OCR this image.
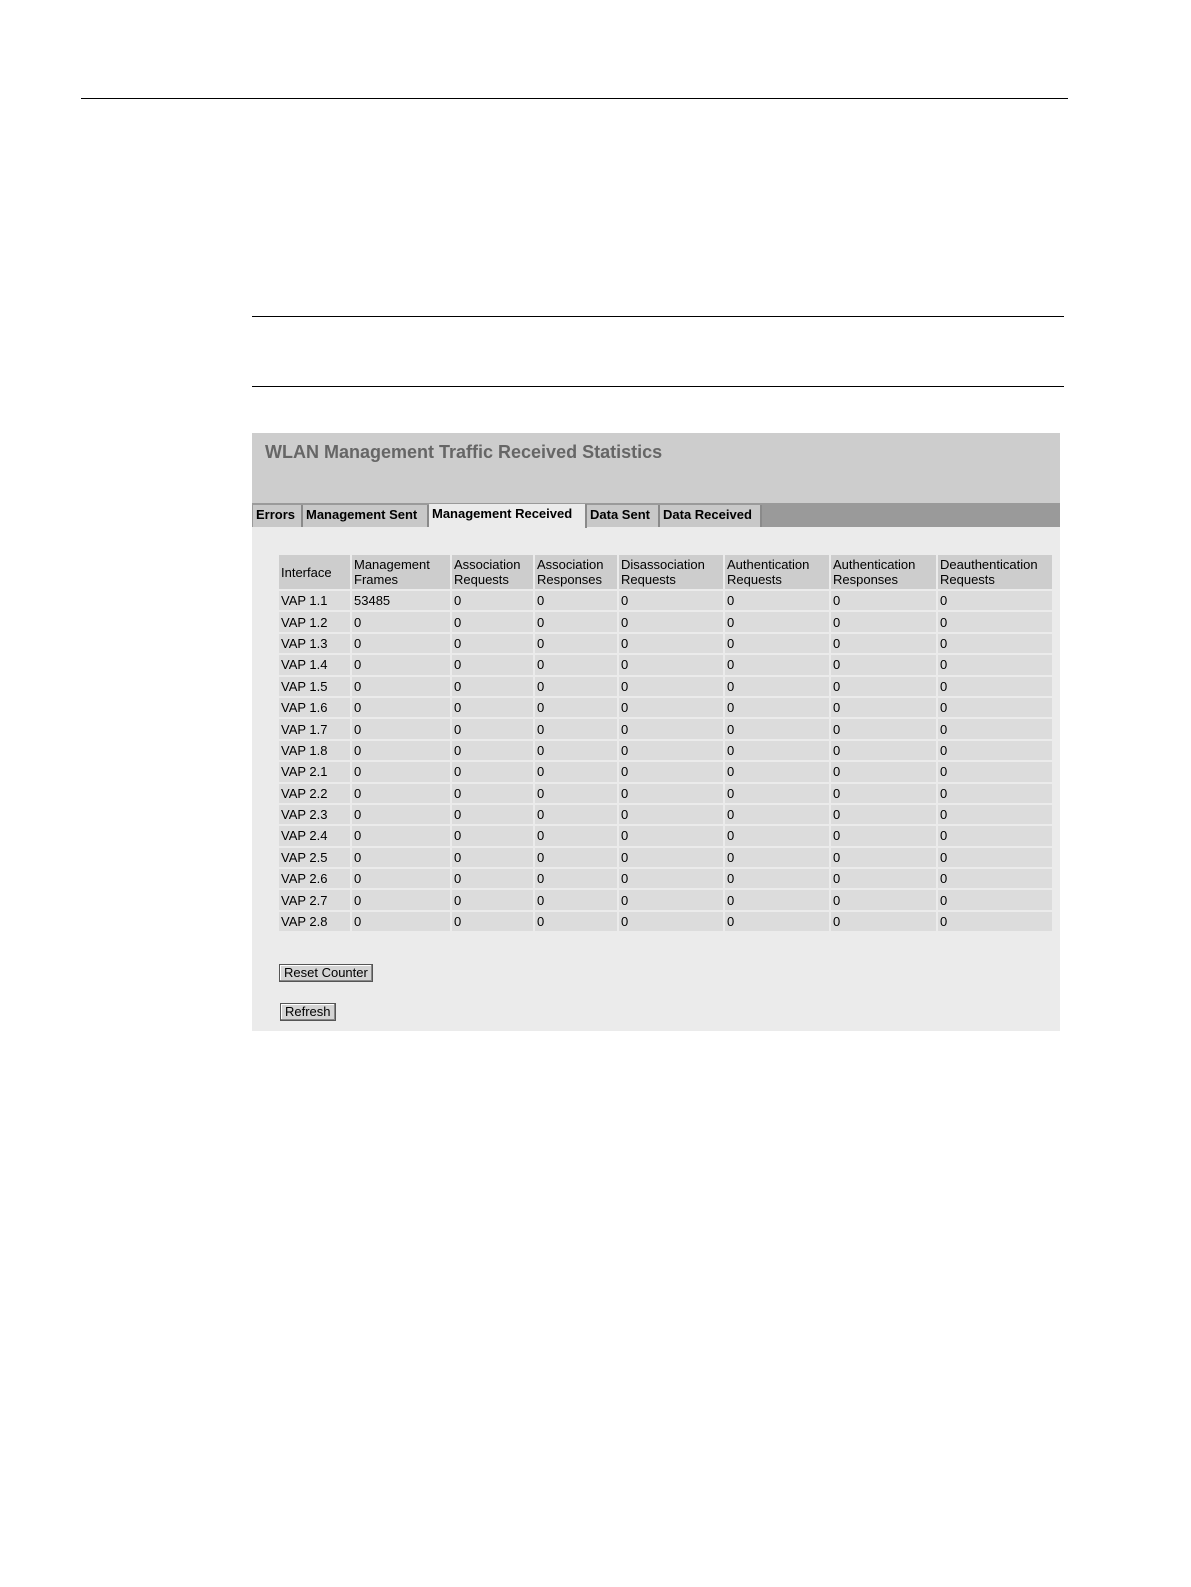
WLAN Management Traffic Received Statistics
Errors Management Sent	Management Received	Data Sent	Data Received
Interface	Management Frames	Association Requests	Association Responses	Disassociation Requests	Authentication Requests	Authentication Responses	Deauthentication Requests
VAP 1.1	53485	0	0	0	0	0	0
VAP 1.2	0	0	0	0	0	0	0
VAP 1.3	0	0	0	0	0	0	0
VAP 1.4	0	0	0	0	0	0	0
VAP 1.5	0	0	0	0	0	0	0
VAP 1.6	0	0	0	0	0	0	0
VAP 1.7	0	0	0	0	0	0	0
VAP 1.8	0	0	0	0	0	0	0
VAP 2.1	0	0	0	0	0	0	0
VAP 2.2	0	0	0	0	0	0	0
VAP 2.3	0	0	0	0	0	0	0
VAP 2.4	0	0	0	0	0	0	0
VAP 2.5	0	0	0	0	0	0	0
VAP 2.6	0	0	0	0	0	0	0
VAP 2.7	0	0	0	0	0	0	0
VAP 2.8	0	0	0	0	0	0	0
Reset Counter
Refresh
